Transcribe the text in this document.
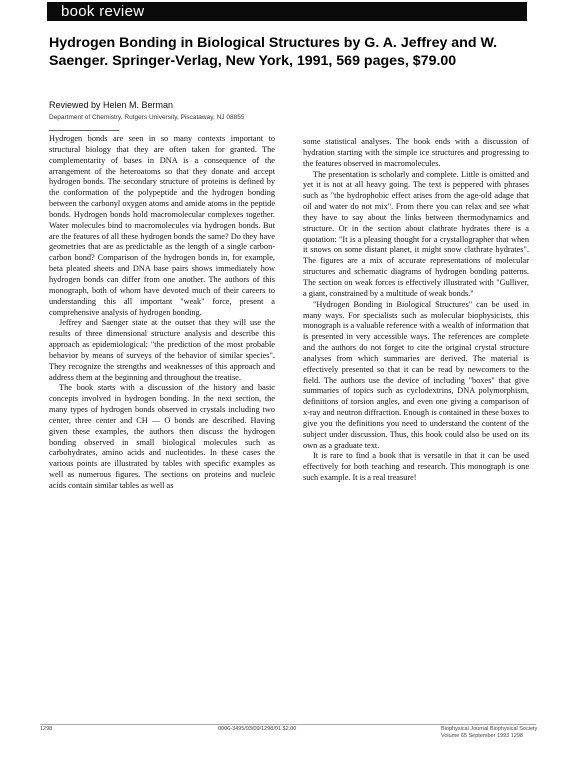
book review
Hydrogen Bonding in Biological Structures by G. A. Jeffrey and W. Saenger. Springer-Verlag, New York, 1991, 569 pages, $79.00
Reviewed by Helen M. Berman
Department of Chemistry, Rutgers University, Piscataway, NJ 08855

Hydrogen bonds are seen in so many contexts important to structural biology that they are often taken for granted. The complementarity of bases in DNA is a consequence of the arrangement of the heteroatoms so that they donate and accept hydrogen bonds. The secondary structure of proteins is defined by the conformation of the polypeptide and the hydrogen bonding between the carbonyl oxygen atoms and amide atoms in the peptide bonds. Hydrogen bonds hold macromolecular complexes together. Water molecules bind to macromolecules via hydrogen bonds. But are the features of all these hydrogen bonds the same? Do they have geometries that are as predictable as the length of a single carbon-carbon bond? Comparison of the hydrogen bonds in, for example, beta pleated sheets and DNA base pairs shows immediately how hydrogen bonds can differ from one another. The authors of this monograph, both of whom have devoted much of their careers to understanding this all important "weak" force, present a comprehensive analysis of hydrogen bonding.

Jeffrey and Saenger state at the outset that they will use the results of three dimensional structure analysis and describe this approach as epidemiological: "the prediction of the most probable behavior by means of surveys of the behavior of similar species". They recognize the strengths and weaknesses of this approach and address them at the beginning and throughout the treatise.

The book starts with a discussion of the history and basic concepts involved in hydrogen bonding. In the next section, the many types of hydrogen bonds observed in crystals including two center, three center and CH — O bonds are described. Having given these examples, the authors then discuss the hydrogen bonding observed in small biological molecules such as carbohydrates, amino acids and nucleotides. In these cases the various points are illustrated by tables with specific examples as well as numerous figures. The sections on proteins and nucleic acids contain similar tables as well as

some statistical analyses. The book ends with a discussion of hydration starting with the simple ice structures and progressing to the features observed in macromolecules.

The presentation is scholarly and complete. Little is omitted and yet it is not at all heavy going. The text is peppered with phrases such as "the hydrophobic effect arises from the age-old adage that oil and water do not mix". From there you can relax and see what they have to say about the links between thermodynamics and structure. Or in the section about clathrate hydrates there is a quotation: "It is a pleasing thought for a crystallographer that when it snows on some distant planet, it might snow clathrate hydrates". The figures are a mix of accurate representations of molecular structures and schematic diagrams of hydrogen bonding patterns. The section on weak forces is effectively illustrated with "Gulliver, a giant, constrained by a multitude of weak bonds."

"Hydrogen Bonding in Biological Structures" can be used in many ways. For specialists such as molecular biophysicists, this monograph is a valuable reference with a wealth of information that is presented in very accessible ways. The references are complete and the authors do not forget to cite the original crystal structure analyses from which summaries are derived. The material is effectively presented so that it can be read by newcomers to the field. The authors use the device of including "boxes" that give summaries of topics such as cyclodextrins, DNA polymorphism, definitions of torsion angles, and even one giving a comparison of x-ray and neutron diffraction. Enough is contained in these boxes to give you the definitions you need to understand the content of the subject under discussion. Thus, this book could also be used on its own as a graduate text.

It is rare to find a book that is versatile in that it can be used effectively for both teaching and research. This monograph is one such example. It is a real treasure!

1298	0006-3495/93/09/1298/01 $2.00	Biophysical Journal Biophysical Society
Volume 65 September 1993 1298
